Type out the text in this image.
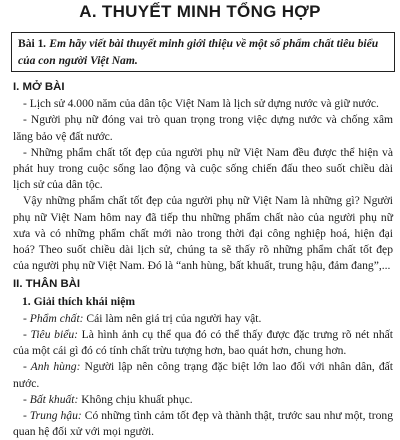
A. THUYẾT MINH TỔNG HỢP
Bài 1. Em hãy viết bài thuyết minh giới thiệu về một số phẩm chất tiêu biểu của con người Việt Nam.
I. MỞ BÀI

- Lịch sử 4.000 năm của dân tộc Việt Nam là lịch sử dựng nước và giữ nước.

- Người phụ nữ đóng vai trò quan trọng trong việc dựng nước và chống xâm lăng bảo vệ đất nước.

- Những phẩm chất tốt đẹp của người phụ nữ Việt Nam đều được thể hiện và phát huy trong cuộc sống lao động và cuộc sống chiến đấu theo suốt chiều dài lịch sử của dân tộc.

Vậy những phẩm chất tốt đẹp của người phụ nữ Việt Nam là những gì? Người phụ nữ Việt Nam hôm nay đã tiếp thu những phẩm chất nào của người phụ nữ xưa và có những phẩm chất mới nào trong thời đại công nghiệp hoá, hiện đại hoá? Theo suốt chiều dài lịch sử, chúng ta sẽ thấy rõ những phẩm chất tốt đẹp của người phụ nữ Việt Nam. Đó là “anh hùng, bất khuất, trung hậu, đảm đang”,...

II. THÂN BÀI
1. Giải thích khái niệm

- Phẩm chất: Cái làm nên giá trị của người hay vật.

- Tiêu biểu: Là hình ảnh cụ thể qua đó có thể thấy được đặc trưng rõ nét nhất của một cái gì đó có tính chất trừu tượng hơn, bao quát hơn, chung hơn.

- Anh hùng: Người lập nên công trạng đặc biệt lớn lao đối với nhân dân, đất nước.

- Bất khuất: Không chịu khuất phục.

- Trung hậu: Có những tình cảm tốt đẹp và thành thật, trước sau như một, trong quan hệ đối xử với mọi người.
